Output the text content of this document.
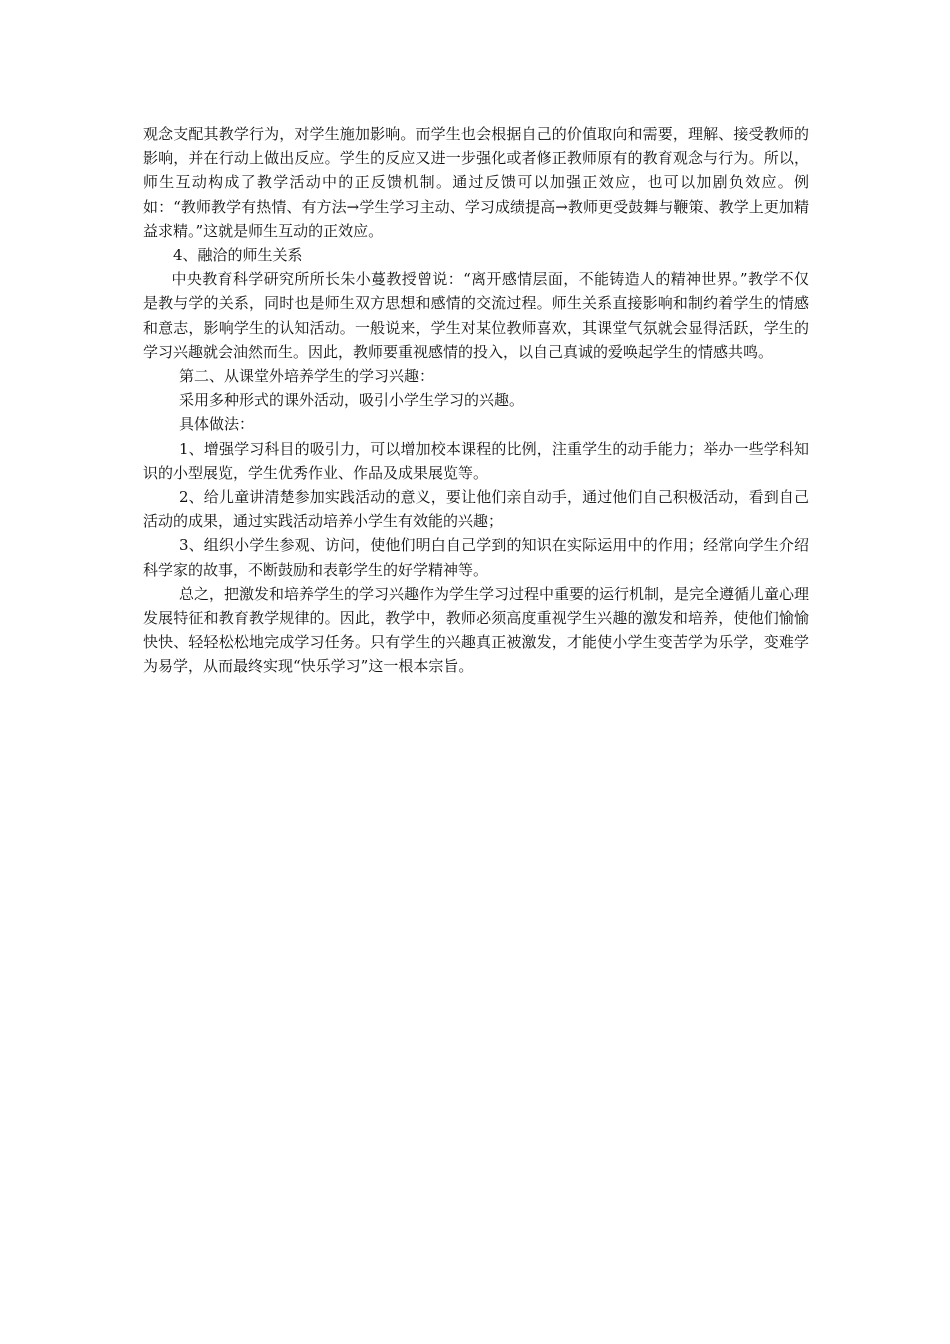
观念支配其教学行为，对学生施加影响。而学生也会根据自己的价值取向和需要，理解、接受教师的影响，并在行动上做出反应。学生的反应又进一步强化或者修正教师原有的教育观念与行为。所以，师生互动构成了教学活动中的正反馈机制。通过反馈可以加强正效应，也可以加剧负效应。例如：“教师教学有热情、有方法→学生学习主动、学习成绩提高→教师更受鼓舞与鞭策、教学上更加精益求精。”这就是师生互动的正效应。

4、融洽的师生关系

中央教育科学研究所所长朱小蔓教授曾说：“离开感情层面，不能铸造人的精神世界。”教学不仅是教与学的关系，同时也是师生双方思想和感情的交流过程。师生关系直接影响和制约着学生的情感和意志，影响学生的认知活动。一般说来，学生对某位教师喜欢，其课堂气氛就会显得活跃，学生的学习兴趣就会油然而生。因此，教师要重视感情的投入，以自己真诚的爱唤起学生的情感共鸣。

第二、从课堂外培养学生的学习兴趣：

采用多种形式的课外活动，吸引小学生学习的兴趣。

具体做法：

1、增强学习科目的吸引力，可以增加校本课程的比例，注重学生的动手能力；举办一些学科知识的小型展览，学生优秀作业、作品及成果展览等。

2、给儿童讲清楚参加实践活动的意义，要让他们亲自动手，通过他们自己积极活动，看到自己活动的成果，通过实践活动培养小学生有效能的兴趣；

3、组织小学生参观、访问，使他们明白自己学到的知识在实际运用中的作用；经常向学生介绍科学家的故事，不断鼓励和表彰学生的好学精神等。

总之，把激发和培养学生的学习兴趣作为学生学习过程中重要的运行机制，是完全遵循儿童心理发展特征和教育教学规律的。因此，教学中，教师必须高度重视学生兴趣的激发和培养，使他们愉愉快快、轻轻松松地完成学习任务。只有学生的兴趣真正被激发，才能使小学生变苦学为乐学，变难学为易学，从而最终实现“快乐学习”这一根本宗旨。
